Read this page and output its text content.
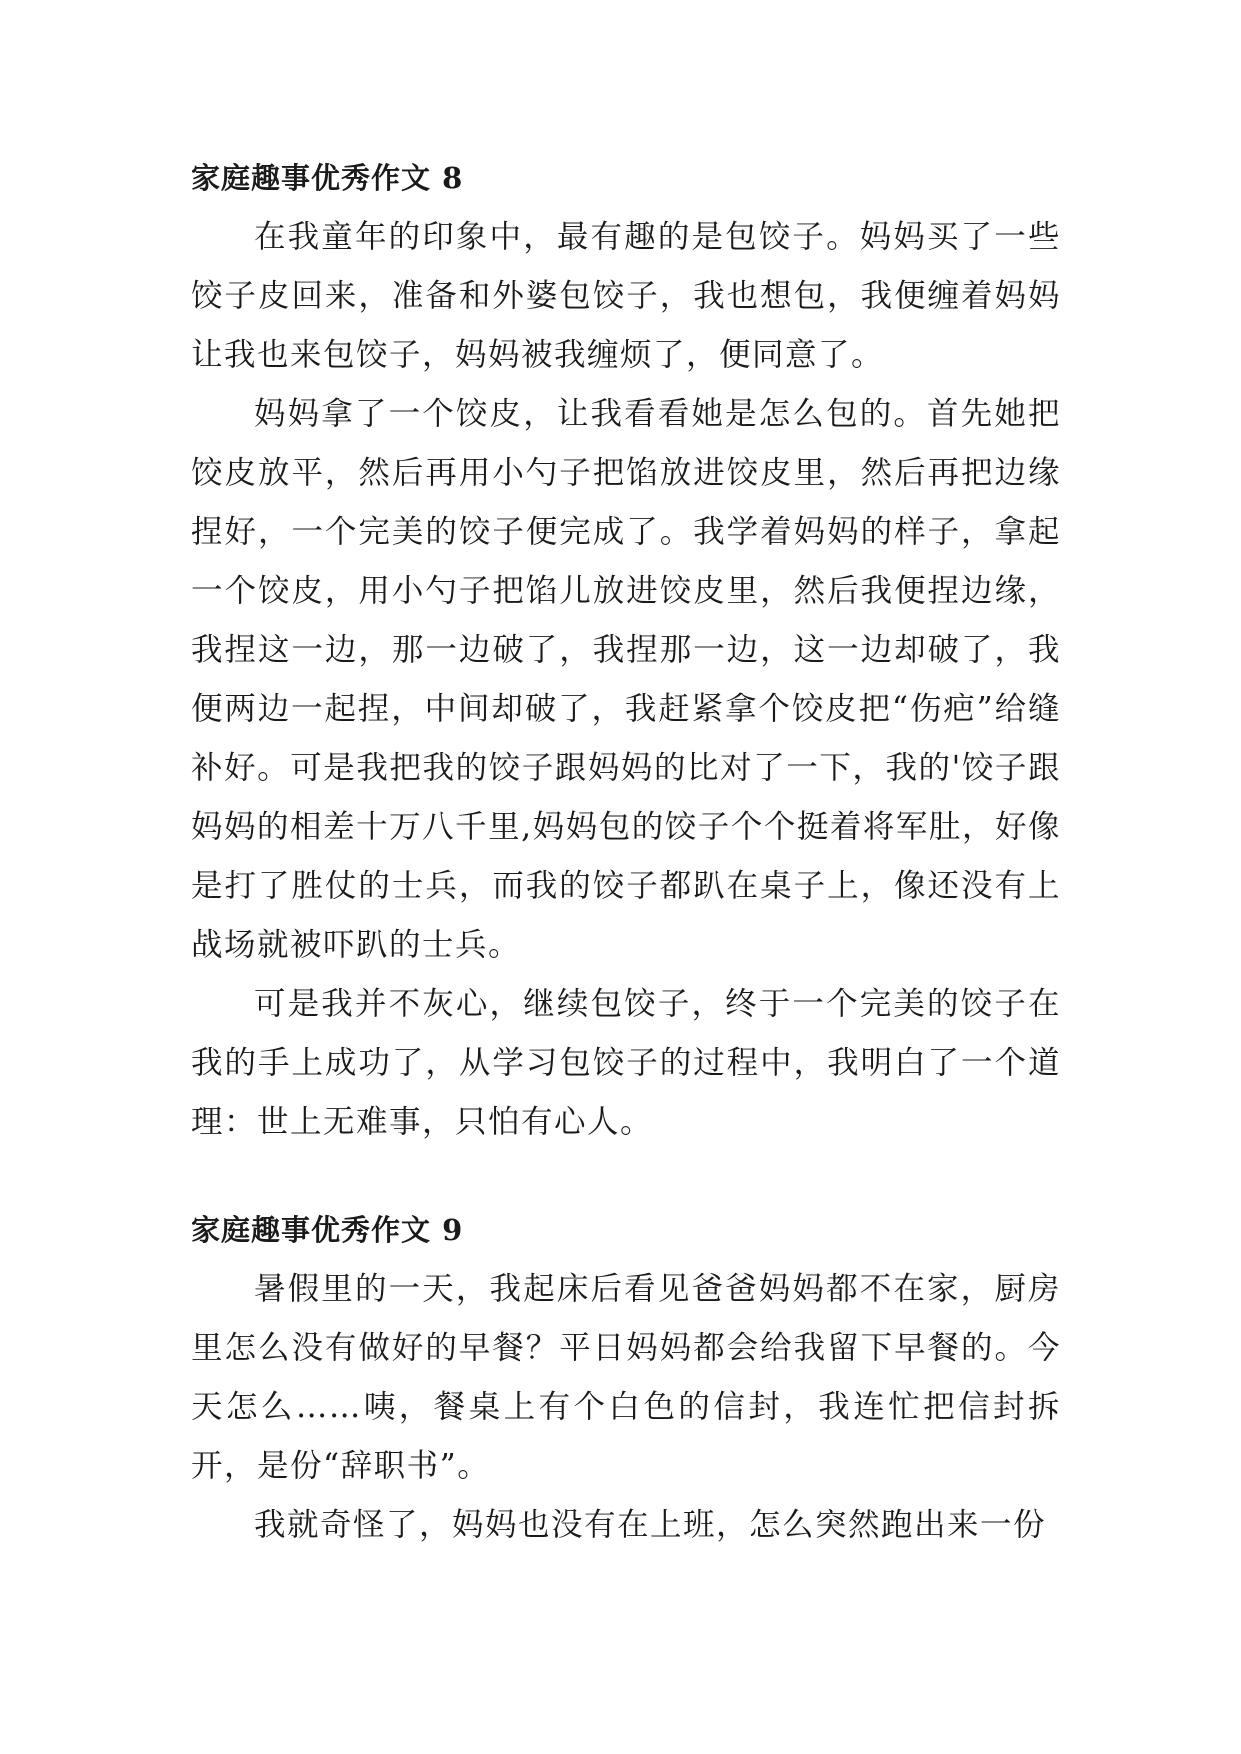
家庭趣事优秀作文 8

在我童年的印象中，最有趣的是包饺子。妈妈买了一些饺子皮回来，准备和外婆包饺子，我也想包，我便缠着妈妈让我也来包饺子，妈妈被我缠烦了，便同意了。

妈妈拿了一个饺皮，让我看看她是怎么包的。首先她把饺皮放平，然后再用小勺子把馅放进饺皮里，然后再把边缘捏好，一个完美的饺子便完成了。我学着妈妈的样子，拿起一个饺皮，用小勺子把馅儿放进饺皮里，然后我便捏边缘，我捏这一边，那一边破了，我捏那一边，这一边却破了，我便两边一起捏，中间却破了，我赶紧拿个饺皮把“伤疤”给缝补好。可是我把我的饺子跟妈妈的比对了一下，我的'饺子跟妈妈的相差十万八千里,妈妈包的饺子个个挺着将军肚，好像是打了胜仗的士兵，而我的饺子都趴在桌子上，像还没有上战场就被吓趴的士兵。

可是我并不灰心，继续包饺子，终于一个完美的饺子在我的手上成功了，从学习包饺子的过程中，我明白了一个道理：世上无难事，只怕有心人。

家庭趣事优秀作文 9

暑假里的一天，我起床后看见爸爸妈妈都不在家，厨房里怎么没有做好的早餐？平日妈妈都会给我留下早餐的。今天怎么……咦，餐桌上有个白色的信封，我连忙把信封拆开，是份“辞职书”。

我就奇怪了，妈妈也没有在上班，怎么突然跑出来一份
